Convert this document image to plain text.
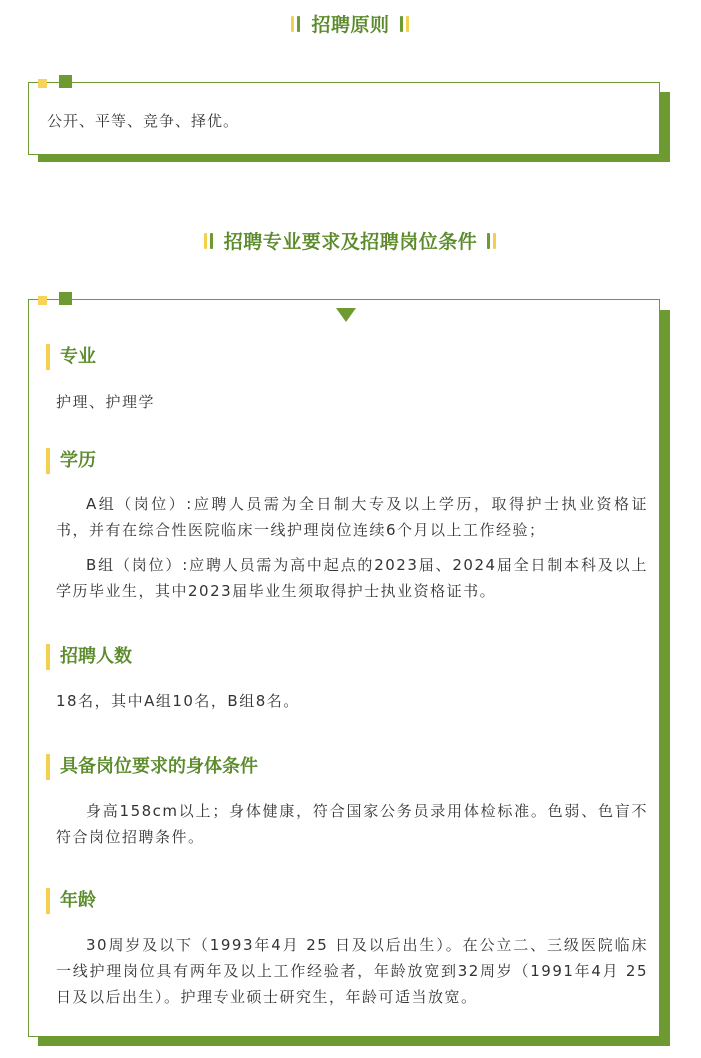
招聘原则
公开、平等、竞争、择优。
招聘专业要求及招聘岗位条件
专业
护理、护理学
学历
A组（岗位）:应聘人员需为全日制大专及以上学历，取得护士执业资格证书，并有在综合性医院临床一线护理岗位连续6个月以上工作经验；
B组（岗位）:应聘人员需为高中起点的2023届、2024届全日制本科及以上学历毕业生，其中2023届毕业生须取得护士执业资格证书。
招聘人数
18名，其中A组10名，B组8名。
具备岗位要求的身体条件
身高158cm以上；身体健康，符合国家公务员录用体检标准。色弱、色盲不符合岗位招聘条件。
年龄
30周岁及以下（1993年4月 25 日及以后出生）。在公立二、三级医院临床一线护理岗位具有两年及以上工作经验者，年龄放宽到32周岁（1991年4月 25 日及以后出生）。护理专业硕士研究生，年龄可适当放宽。
